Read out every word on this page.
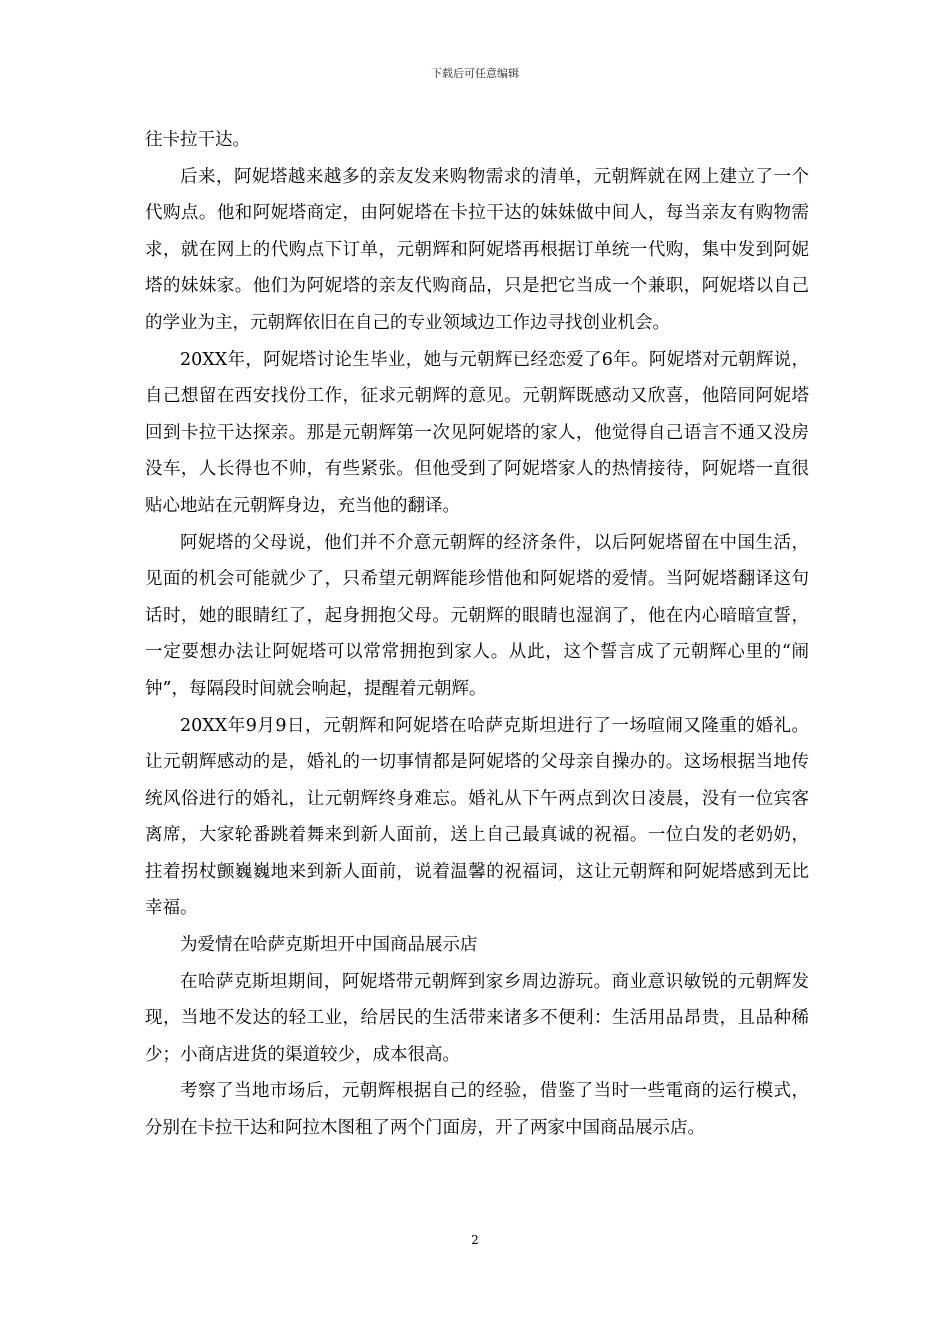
下载后可任意编辑

往卡拉干达。

后来，阿妮塔越来越多的亲友发来购物需求的清单，元朝辉就在网上建立了一个代购点。他和阿妮塔商定，由阿妮塔在卡拉干达的妹妹做中间人，每当亲友有购物需求，就在网上的代购点下订单，元朝辉和阿妮塔再根据订单统一代购，集中发到阿妮塔的妹妹家。他们为阿妮塔的亲友代购商品，只是把它当成一个兼职，阿妮塔以自己的学业为主，元朝辉依旧在自己的专业领域边工作边寻找创业机会。

20XX年，阿妮塔讨论生毕业，她与元朝辉已经恋爱了6年。阿妮塔对元朝辉说，自己想留在西安找份工作，征求元朝辉的意见。元朝辉既感动又欣喜，他陪同阿妮塔回到卡拉干达探亲。那是元朝辉第一次见阿妮塔的家人，他觉得自己语言不通又没房没车，人长得也不帅，有些紧张。但他受到了阿妮塔家人的热情接待，阿妮塔一直很贴心地站在元朝辉身边，充当他的翻译。

阿妮塔的父母说，他们并不介意元朝辉的经济条件，以后阿妮塔留在中国生活，见面的机会可能就少了，只希望元朝辉能珍惜他和阿妮塔的爱情。当阿妮塔翻译这句话时，她的眼睛红了，起身拥抱父母。元朝辉的眼睛也湿润了，他在内心暗暗宣誓，一定要想办法让阿妮塔可以常常拥抱到家人。从此，这个誓言成了元朝辉心里的“闹钟”，每隔段时间就会响起，提醒着元朝辉。

20XX年9月9日，元朝辉和阿妮塔在哈萨克斯坦进行了一场喧闹又隆重的婚礼。让元朝辉感动的是，婚礼的一切事情都是阿妮塔的父母亲自操办的。这场根据当地传统风俗进行的婚礼，让元朝辉终身难忘。婚礼从下午两点到次日凌晨，没有一位宾客离席，大家轮番跳着舞来到新人面前，送上自己最真诚的祝福。一位白发的老奶奶，拄着拐杖颤巍巍地来到新人面前，说着温馨的祝福词，这让元朝辉和阿妮塔感到无比幸福。

为爱情在哈萨克斯坦开中国商品展示店

在哈萨克斯坦期间，阿妮塔带元朝辉到家乡周边游玩。商业意识敏锐的元朝辉发现，当地不发达的轻工业，给居民的生活带来诸多不便利：生活用品昂贵，且品种稀少；小商店进货的渠道较少，成本很高。

考察了当地市场后，元朝辉根据自己的经验，借鉴了当时一些電商的运行模式，分别在卡拉干达和阿拉木图租了两个门面房，开了两家中国商品展示店。

2
